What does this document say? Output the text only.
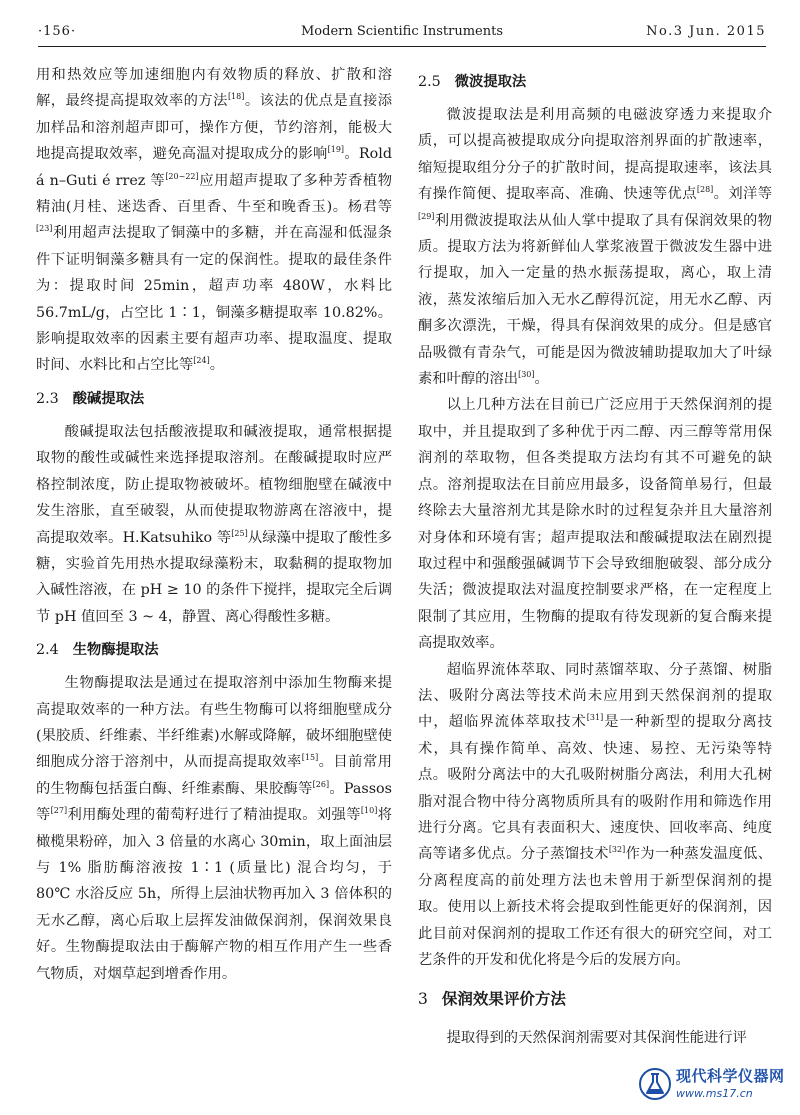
·156·	Modern Scientific Instruments	No.3 Jun. 2015

用和热效应等加速细胞内有效物质的释放、扩散和溶解，最终提高提取效率的方法[18]。该法的优点是直接添加样品和溶剂超声即可，操作方便，节约溶剂，能极大地提高提取效率，避免高温对提取成分的影响[19]。Rold á n–Guti é rrez 等[20~22]应用超声提取了多种芳香植物精油(月桂、迷迭香、百里香、牛至和晚香玉)。杨君等[23]利用超声法提取了铜藻中的多糖，并在高湿和低湿条件下证明铜藻多糖具有一定的保润性。提取的最佳条件为：提取时间 25min，超声功率 480W，水料比 56.7mL/g，占空比 1∶1，铜藻多糖提取率 10.82%。影响提取效率的因素主要有超声功率、提取温度、提取时间、水料比和占空比等[24]。

2.3 酸碱提取法

酸碱提取法包括酸液提取和碱液提取，通常根据提取物的酸性或碱性来选择提取溶剂。在酸碱提取时应严格控制浓度，防止提取物被破坏。植物细胞壁在碱液中发生溶胀，直至破裂，从而使提取物游离在溶液中，提高提取效率。H.Katsuhiko 等[25]从绿藻中提取了酸性多糖，实验首先用热水提取绿藻粉末，取黏稠的提取物加入碱性溶液，在 pH ≥ 10 的条件下搅拌，提取完全后调节 pH 值回至 3 ~ 4，静置、离心得酸性多糖。

2.4 生物酶提取法

生物酶提取法是通过在提取溶剂中添加生物酶来提高提取效率的一种方法。有些生物酶可以将细胞壁成分(果胶质、纤维素、半纤维素)水解或降解，破坏细胞壁使细胞成分溶于溶剂中，从而提高提取效率[15]。目前常用的生物酶包括蛋白酶、纤维素酶、果胶酶等[26]。Passos 等[27]利用酶处理的葡萄籽进行了精油提取。刘强等[10]将橄榄果粉碎，加入 3 倍量的水离心 30min，取上面油层与 1% 脂肪酶溶液按 1∶1 (质量比) 混合均匀，于 80℃ 水浴反应 5h，所得上层油状物再加入 3 倍体积的无水乙醇，离心后取上层挥发油做保润剂，保润效果良好。生物酶提取法由于酶解产物的相互作用产生一些香气物质，对烟草起到增香作用。

2.5 微波提取法

微波提取法是利用高频的电磁波穿透力来提取介质，可以提高被提取成分向提取溶剂界面的扩散速率，缩短提取组分分子的扩散时间，提高提取速率，该法具有操作简便、提取率高、准确、快速等优点[28]。刘洋等[29]利用微波提取法从仙人掌中提取了具有保润效果的物质。提取方法为将新鲜仙人掌浆液置于微波发生器中进行提取，加入一定量的热水振荡提取，离心，取上清液，蒸发浓缩后加入无水乙醇得沉淀，用无水乙醇、丙酮多次漂洗，干燥，得具有保润效果的成分。但是感官品吸微有青杂气，可能是因为微波辅助提取加大了叶绿素和叶醇的溶出[30]。

以上几种方法在目前已广泛应用于天然保润剂的提取中，并且提取到了多种优于丙二醇、丙三醇等常用保润剂的萃取物，但各类提取方法均有其不可避免的缺点。溶剂提取法在目前应用最多，设备简单易行，但最终除去大量溶剂尤其是除水时的过程复杂并且大量溶剂对身体和环境有害；超声提取法和酸碱提取法在剧烈提取过程中和强酸强碱调节下会导致细胞破裂、部分成分失活；微波提取法对温度控制要求严格，在一定程度上限制了其应用，生物酶的提取有待发现新的复合酶来提高提取效率。

超临界流体萃取、同时蒸馏萃取、分子蒸馏、树脂法、吸附分离法等技术尚未应用到天然保润剂的提取中，超临界流体萃取技术[31]是一种新型的提取分离技术，具有操作简单、高效、快速、易控、无污染等特点。吸附分离法中的大孔吸附树脂分离法，利用大孔树脂对混合物中待分离物质所具有的吸附作用和筛选作用进行分离。它具有表面积大、速度快、回收率高、纯度高等诸多优点。分子蒸馏技术[32]作为一种蒸发温度低、分离程度高的前处理方法也未曾用于新型保润剂的提取。使用以上新技术将会提取到性能更好的保润剂，因此目前对保润剂的提取工作还有很大的研究空间，对工艺条件的开发和优化将是今后的发展方向。

3 保润效果评价方法

提取得到的天然保润剂需要对其保润性能进行评

现代科学仪器网
www.ms17.cn
